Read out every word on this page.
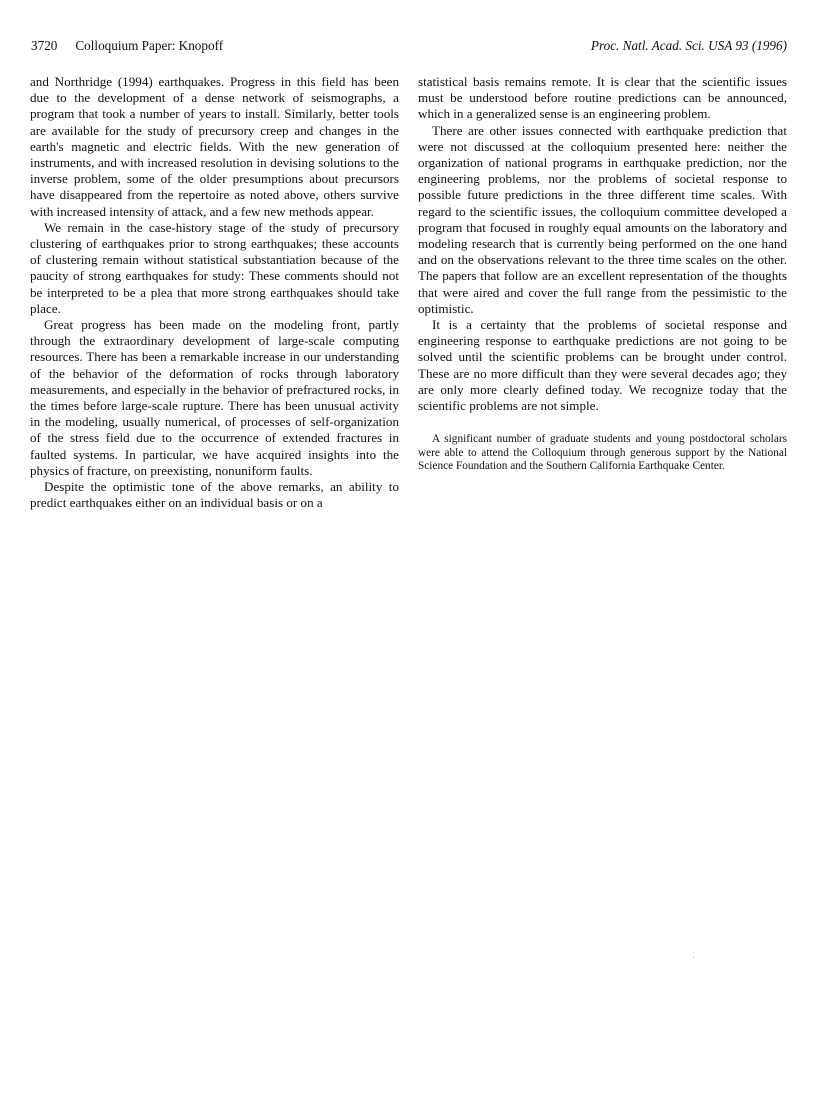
3720 Colloquium Paper: Knopoff	Proc. Natl. Acad. Sci. USA 93 (1996)

and Northridge (1994) earthquakes. Progress in this field has been due to the development of a dense network of seismographs, a program that took a number of years to install. Similarly, better tools are available for the study of precursory creep and changes in the earth's magnetic and electric fields. With the new generation of instruments, and with increased resolution in devising solutions to the inverse problem, some of the older presumptions about precursors have disappeared from the repertoire as noted above, others survive with increased intensity of attack, and a few new methods appear.

We remain in the case-history stage of the study of precursory clustering of earthquakes prior to strong earthquakes; these accounts of clustering remain without statistical substantiation because of the paucity of strong earthquakes for study: These comments should not be interpreted to be a plea that more strong earthquakes should take place.

Great progress has been made on the modeling front, partly through the extraordinary development of large-scale computing resources. There has been a remarkable increase in our understanding of the behavior of the deformation of rocks through laboratory measurements, and especially in the behavior of prefractured rocks, in the times before large-scale rupture. There has been unusual activity in the modeling, usually numerical, of processes of self-organization of the stress field due to the occurrence of extended fractures in faulted systems. In particular, we have acquired insights into the physics of fracture, on preexisting, nonuniform faults.

Despite the optimistic tone of the above remarks, an ability to predict earthquakes either on an individual basis or on a

statistical basis remains remote. It is clear that the scientific issues must be understood before routine predictions can be announced, which in a generalized sense is an engineering problem.

There are other issues connected with earthquake prediction that were not discussed at the colloquium presented here: neither the organization of national programs in earthquake prediction, nor the engineering problems, nor the problems of societal response to possible future predictions in the three different time scales. With regard to the scientific issues, the colloquium committee developed a program that focused in roughly equal amounts on the laboratory and modeling research that is currently being performed on the one hand and on the observations relevant to the three time scales on the other. The papers that follow are an excellent representation of the thoughts that were aired and cover the full range from the pessimistic to the optimistic.

It is a certainty that the problems of societal response and engineering response to earthquake predictions are not going to be solved until the scientific problems can be brought under control. These are no more difficult than they were several decades ago; they are only more clearly defined today. We recognize today that the scientific problems are not simple.

A significant number of graduate students and young postdoctoral scholars were able to attend the Colloquium through generous support by the National Science Foundation and the Southern California Earthquake Center.
